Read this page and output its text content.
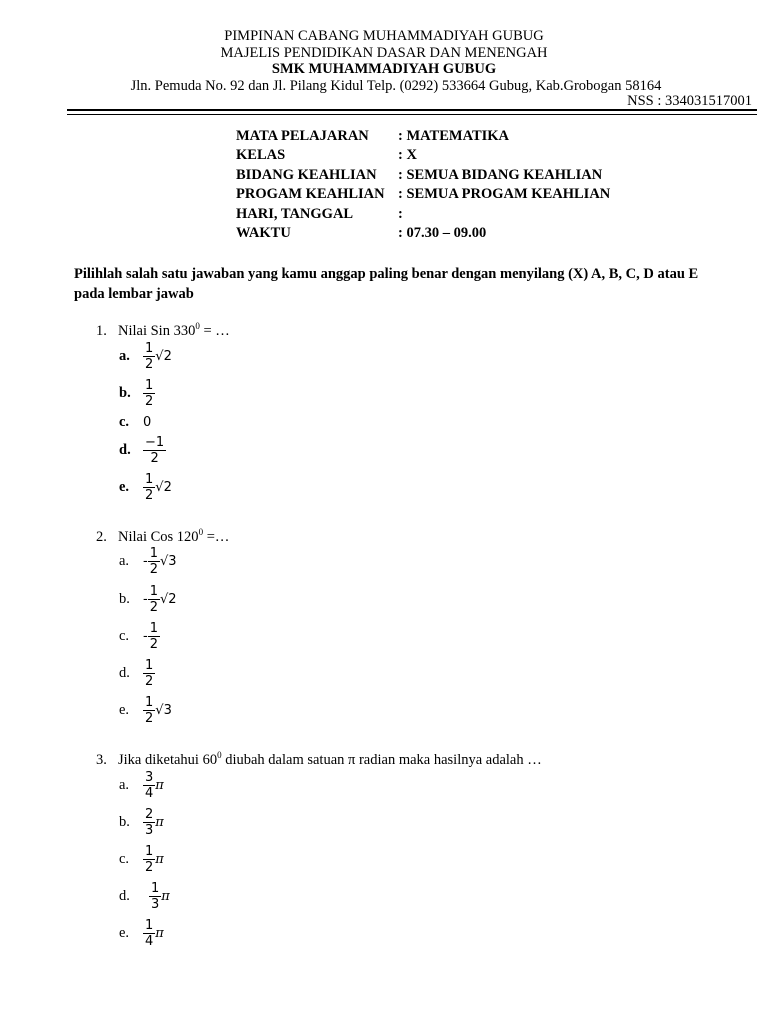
PIMPINAN CABANG MUHAMMADIYAH GUBUG
MAJELIS PENDIDIKAN DASAR DAN MENENGAH
SMK MUHAMMADIYAH GUBUG
Jln. Pemuda No. 92 dan Jl. Pilang Kidul Telp. (0292) 533664 Gubug, Kab.Grobogan 58164
NSS : 334031517001
MATA PELAJARAN : MATEMATIKA
KELAS	: X
BIDANG KEAHLIAN : SEMUA BIDANG KEAHLIAN
PROGAM KEAHLIAN : SEMUA PROGAM KEAHLIAN
HARI, TANGGAL	:
WAKTU	: 07.30 – 09.00
Pilihlah salah satu jawaban yang kamu anggap paling benar dengan menyilang (X) A, B, C, D atau E pada lembar jawab
1. Nilai Sin $330^0$ = …
a.	$\frac{1}{2} √2$
b. $\frac{1}{2}$
c.	0
d. $\frac{-1}{2}$
e.	$\frac{1}{2} √2$
2. Nilai Cos $120^0$ =…
a.	- $\frac{1}{2} √3$
b.	- $\frac{1}{2} √2$
c.	- $\frac{1}{2}$
d.	$\frac{1}{2}$
e.	$\frac{1}{2} √3$
3. Jika diketahui $60^0$ diubah dalam satuan π radian maka hasilnya adalah …
a.	$\frac{3}{4}$ π
b.	$\frac{2}{3}$ π
c.	$\frac{1}{2}$ π
d.	$\frac{1}{3}$ π
e.	$\frac{1}{4}$ π
